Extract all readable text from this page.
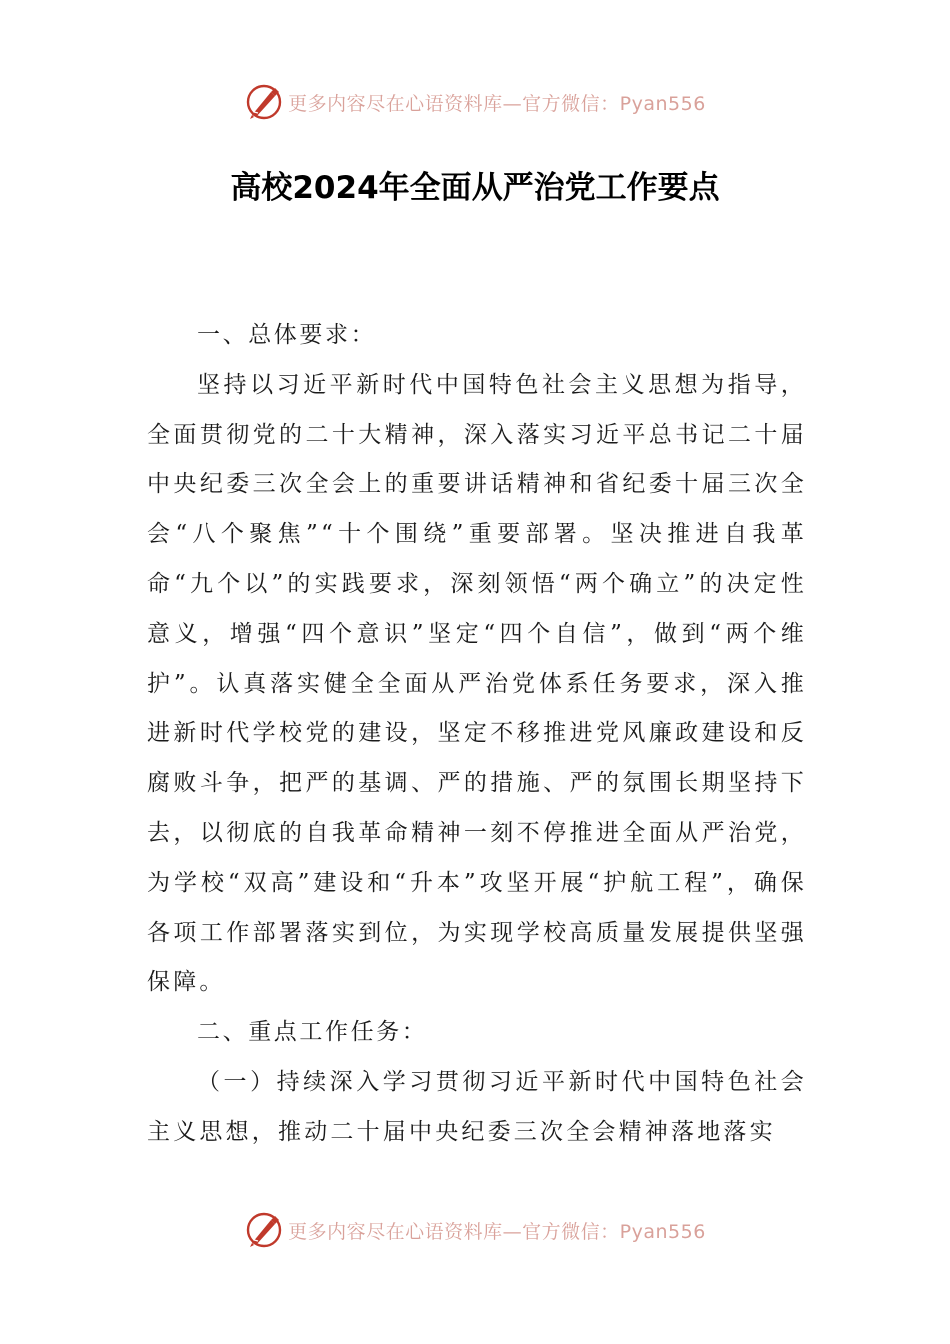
更多内容尽在心语资料库—官方微信：Pyan556
高校2024年全面从严治党工作要点

一、总体要求：

坚持以习近平新时代中国特色社会主义思想为指导，全面贯彻党的二十大精神，深入落实习近平总书记二十届中央纪委三次全会上的重要讲话精神和省纪委十届三次全会“八个聚焦”“十个围绕”重要部署。坚决推进自我革命“九个以”的实践要求，深刻领悟“两个确立”的决定性意义，增强“四个意识”坚定“四个自信”，做到“两个维护”。认真落实健全全面从严治党体系任务要求，深入推进新时代学校党的建设，坚定不移推进党风廉政建设和反腐败斗争，把严的基调、严的措施、严的氛围长期坚持下去，以彻底的自我革命精神一刻不停推进全面从严治党，为学校“双高”建设和“升本”攻坚开展“护航工程”，确保各项工作部署落实到位，为实现学校高质量发展提供坚强保障。

二、重点工作任务：

（一）持续深入学习贯彻习近平新时代中国特色社会主义思想，推动二十届中央纪委三次全会精神落地落实

更多内容尽在心语资料库—官方微信：Pyan556
